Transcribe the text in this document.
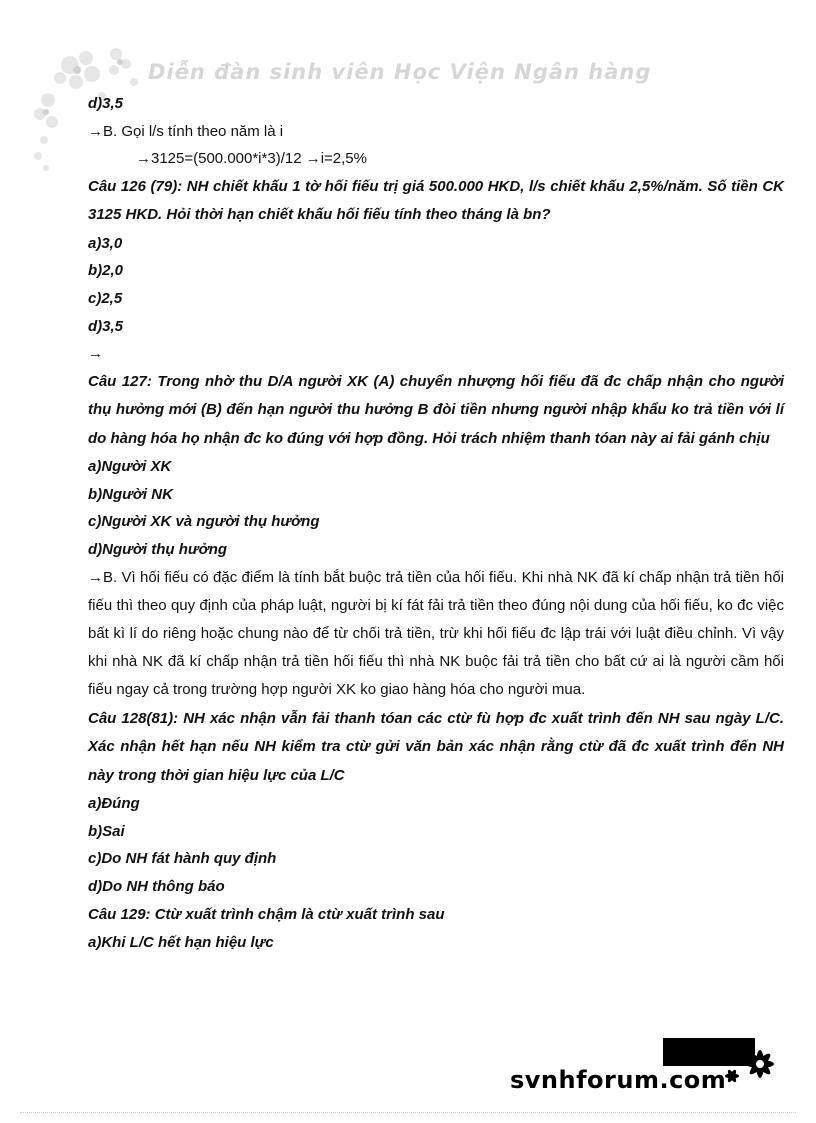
Diễn đàn sinh viên Học Viện Ngân hàng
d)3,5
→B. Gọi l/s tính theo năm là i
→3125=(500.000*i*3)/12 →i=2,5%
Câu 126 (79): NH chiết khấu 1 tờ hối fiếu trị giá 500.000 HKD, l/s chiết khấu 2,5%/năm. Số tiền CK 3125 HKD. Hỏi thời hạn chiết khấu hối fiếu tính theo tháng là bn?
a)3,0
b)2,0
c)2,5
d)3,5
→
Câu 127: Trong nhờ thu D/A người XK (A) chuyển nhượng hối fiếu đã đc chấp nhận cho người thụ hưởng mới (B) đến hạn người thu hưởng B đòi tiền nhưng người nhập khẩu ko trả tiền với lí do hàng hóa họ nhận đc ko đúng với hợp đồng. Hỏi trách nhiệm thanh tóan này ai fải gánh chịu
a)Người XK
b)Người NK
c)Người XK và người thụ hưởng
d)Người thụ hưởng
→B. Vì hối fiếu có đặc điểm là tính bắt buộc trả tiền của hối fiếu. Khi nhà NK đã kí chấp nhận trả tiền hối fiếu thì theo quy định của pháp luật, người bị kí fát fải trả tiền theo đúng nội dung của hối fiếu, ko đc việc bất kì lí do riêng hoặc chung nào để từ chối trả tiền, trừ khi hối fiếu đc lập trái với luật điều chỉnh. Vì vậy khi nhà NK đã kí chấp nhận trả tiền hối fiếu thì nhà NK buộc fải trả tiền cho bất cứ ai là người cầm hối fiếu ngay cả trong trường hợp người XK ko giao hàng hóa cho người mua.
Câu 128(81): NH xác nhận vẫn fải thanh tóan các ctừ fù hợp đc xuất trình đến NH sau ngày L/C. Xác nhận hết hạn nếu NH kiểm tra ctừ gửi văn bản xác nhận rằng ctừ đã đc xuất trình đến NH này trong thời gian hiệu lực của L/C
a)Đúng
b)Sai
c)Do NH fát hành quy định
d)Do NH thông báo
Câu 129: Ctừ xuất trình chậm là ctừ xuất trình sau
a)Khi L/C hết hạn hiệu lực
svnhforum.com
